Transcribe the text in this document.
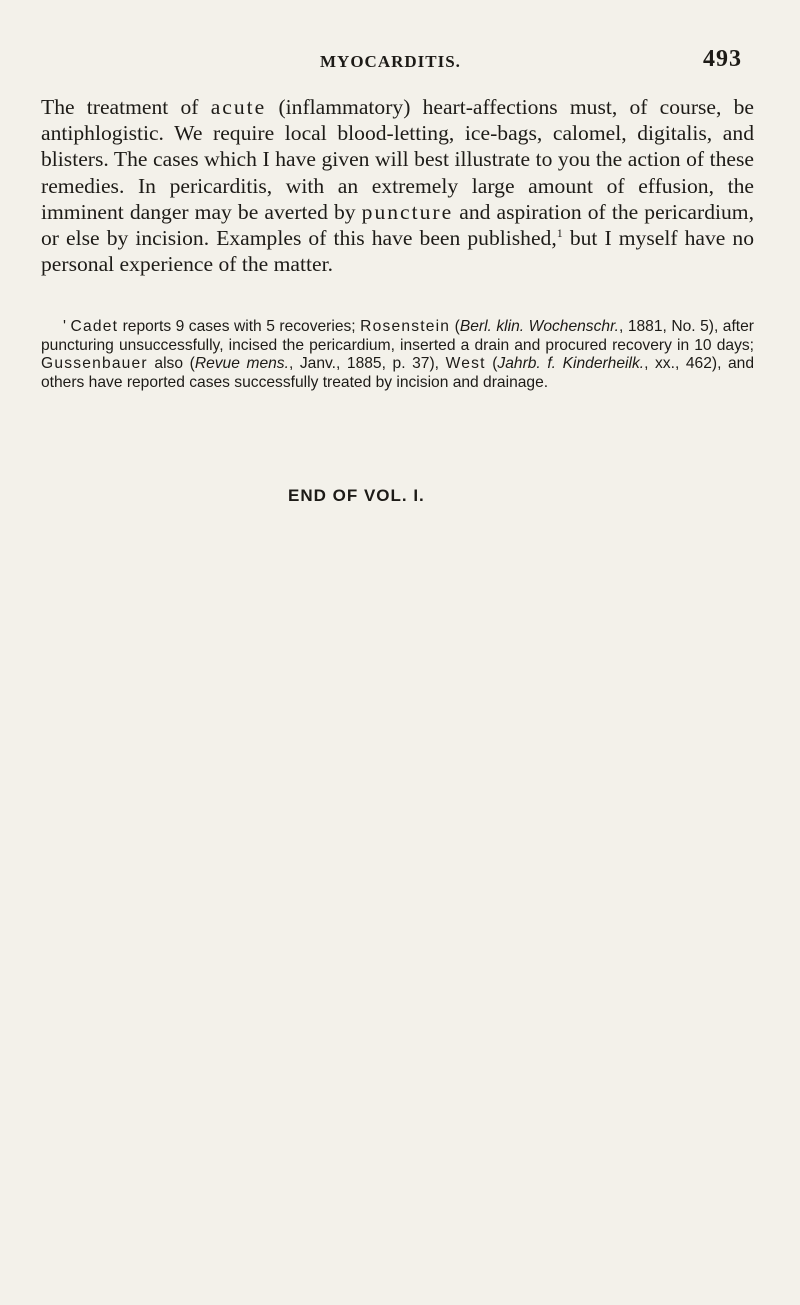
MYOCARDITIS.	493

The treatment of acute (inflammatory) heart-affections must, of course, be antiphlogistic. We require local blood-letting, ice-bags, calomel, digitalis, and blisters. The cases which I have given will best illustrate to you the action of these remedies. In pericarditis, with an extremely large amount of effusion, the imminent danger may be averted by puncture and aspiration of the pericardium, or else by incision. Examples of this have been published,$^1$ but I myself have no personal experience of the matter.

' Cadet reports 9 cases with 5 recoveries; Rosenstein (Berl. klin. Wochenschr., 1881, No. 5), after puncturing unsuccessfully, incised the pericardium, inserted a drain and procured recovery in 10 days; Gussenbauer also (Revue mens., Janv., 1885, p. 37), West (Jahrb. f. Kinderheilk., xx., 462), and others have reported cases successfully treated by incision and drainage.

END OF VOL. I.
